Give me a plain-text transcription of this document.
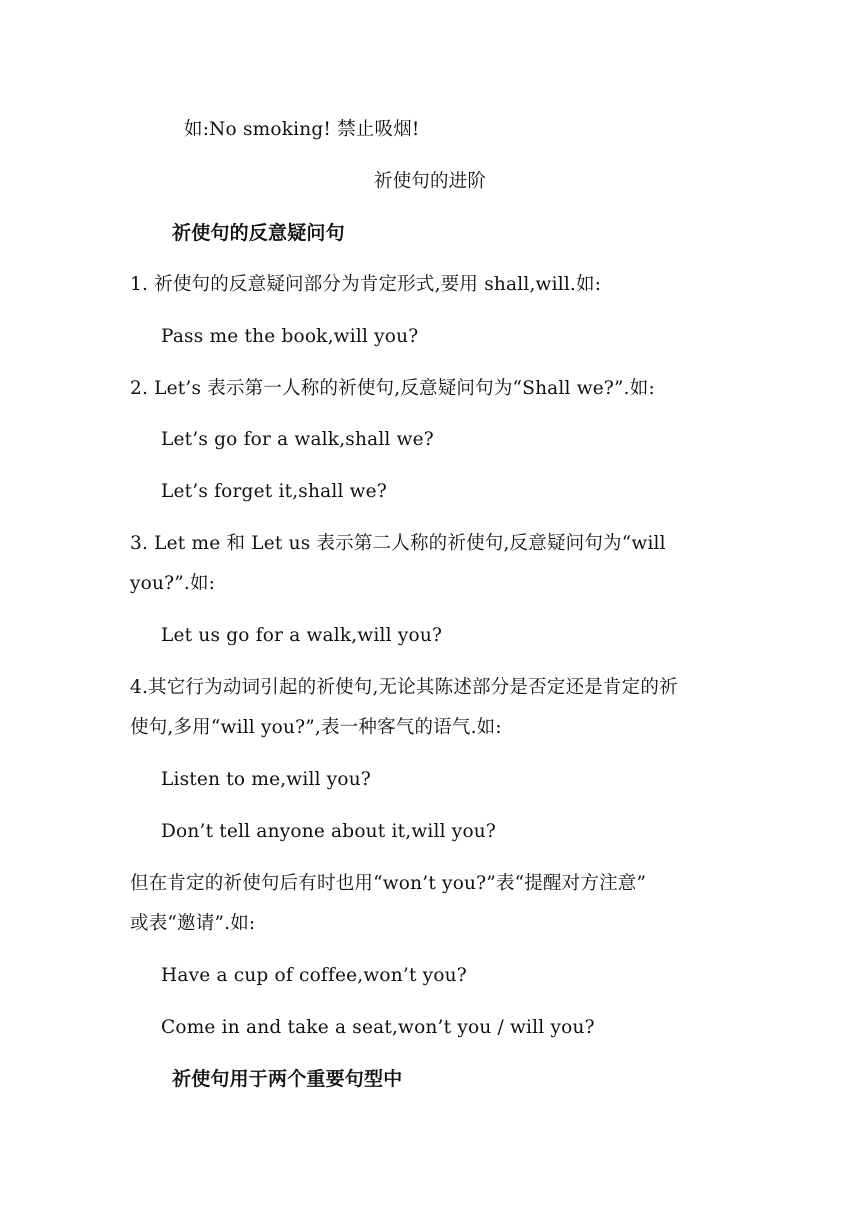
如:No smoking! 禁止吸烟!
祈使句的进阶
祈使句的反意疑问句
1. 祈使句的反意疑问部分为肯定形式,要用 shall,will.如:
Pass me the book,will you?
2. Let’s 表示第一人称的祈使句,反意疑问句为“Shall we?”.如:
Let’s go for a walk,shall we?
Let’s forget it,shall we?
3. Let me 和 Let us 表示第二人称的祈使句,反意疑问句为“will
you?”.如:
Let us go for a walk,will you?
4.其它行为动词引起的祈使句,无论其陈述部分是否定还是肯定的祈
使句,多用“will you?”,表一种客气的语气.如:
Listen to me,will you?
Don’t tell anyone about it,will you?
但在肯定的祈使句后有时也用“won’t you?”表“提醒对方注意”
或表“邀请”.如:
Have a cup of coffee,won’t you?
Come in and take a seat,won’t you / will you?
祈使句用于两个重要句型中
